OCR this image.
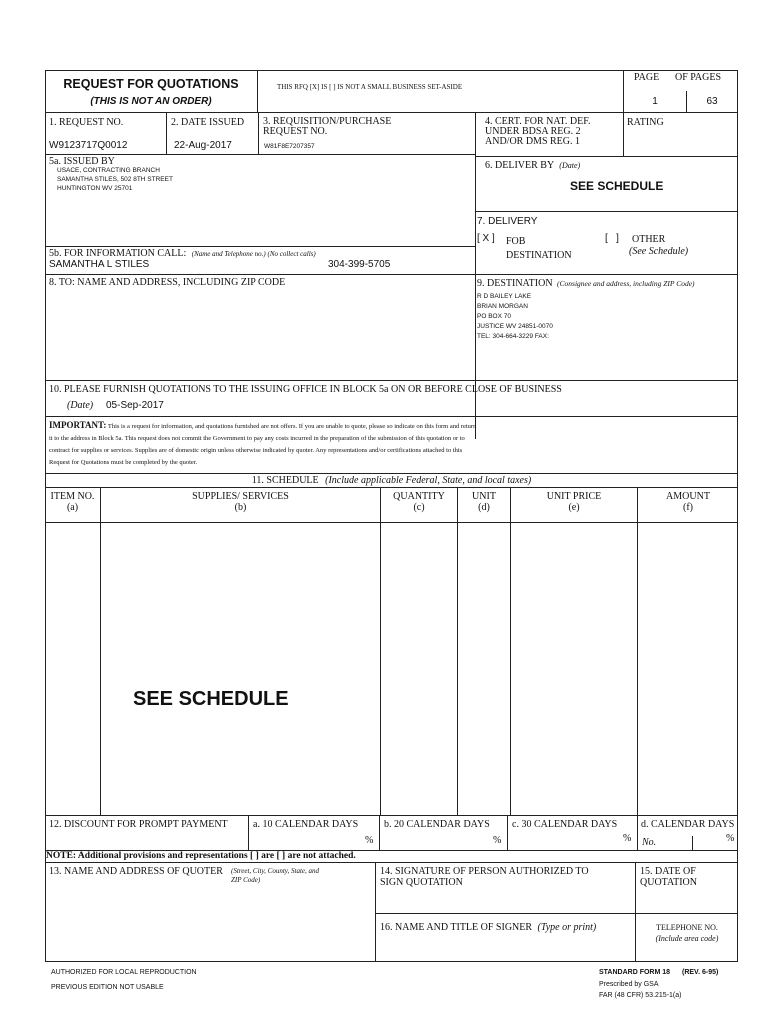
REQUEST FOR QUOTATIONS
(THIS IS NOT AN ORDER)
THIS RFQ [X] IS [ ] IS NOT A SMALL BUSINESS SET-ASIDE
PAGE OF PAGES
1	63
1. REQUEST NO.
W9123717Q0012
2. DATE ISSUED
22-Aug-2017
3. REQUISITION/PURCHASE
REQUEST NO.
W81F8E7207357
4. CERT. FOR NAT. DEF.
UNDER BDSA REG. 2
AND/OR DMS REG. 1
RATING
5a. ISSUED BY
USACE, CONTRACTING BRANCH
SAMANTHA STILES, 502 8TH STREET
HUNTINGTON WV 25701
6. DELIVER BY (Date)
SEE SCHEDULE
7. DELIVERY
[ X ] FOB
DESTINATION
[   ] OTHER
(See Schedule)
5b. FOR INFORMATION CALL: (Name and Telephone no.) (No collect calls)
SAMANTHA L STILES	304-399-5705
8. TO: NAME AND ADDRESS, INCLUDING ZIP CODE	9. DESTINATION (Consignee and address, including ZIP Code)
R D BAILEY LAKE
BRIAN MORGAN
PO BOX 70
JUSTICE WV 24851-0070
TEL: 304-664-3229 FAX:
10. PLEASE FURNISH QUOTATIONS TO THE ISSUING OFFICE IN BLOCK 5a ON OR BEFORE CLOSE OF BUSINESS
(Date) 05-Sep-2017
IMPORTANT: This is a request for information, and quotations furnished are not offers. If you are unable to quote, please so indicate on this form and return
it to the address in Block 5a. This request does not commit the Government to pay any costs incurred in the preparation of the submission of this quotation or to
contract for supplies or services. Supplies are of domestic origin unless otherwise indicated by quoter. Any representations and/or certifications attached to this
Request for Quotations must be completed by the quoter.
11. SCHEDULE (Include applicable Federal, State, and local taxes)
ITEM NO.
(a)
SUPPLIES/ SERVICES
(b)
QUANTITY
(c)
UNIT
(d)
UNIT PRICE
(e)
AMOUNT
(f)
SEE SCHEDULE
12. DISCOUNT FOR PROMPT PAYMENT	a. 10 CALENDAR DAYS
%
b. 20 CALENDAR DAYS
%
c. 30 CALENDAR DAYS
%
d. CALENDAR DAYS
No.	%
NOTE: Additional provisions and representations [ ] are [ ] are not attached.
13. NAME AND ADDRESS OF QUOTER (Street, City, County, State, and
ZIP Code)
14. SIGNATURE OF PERSON AUTHORIZED TO
SIGN QUOTATION
15. DATE OF
QUOTATION
16. NAME AND TITLE OF SIGNER (Type or print)	TELEPHONE NO.
(Include area code)
AUTHORIZED FOR LOCAL REPRODUCTION
PREVIOUS EDITION NOT USABLE
STANDARD FORM 18 (REV. 6-95)
Prescribed by GSA
FAR (48 CFR) 53.215-1(a)
